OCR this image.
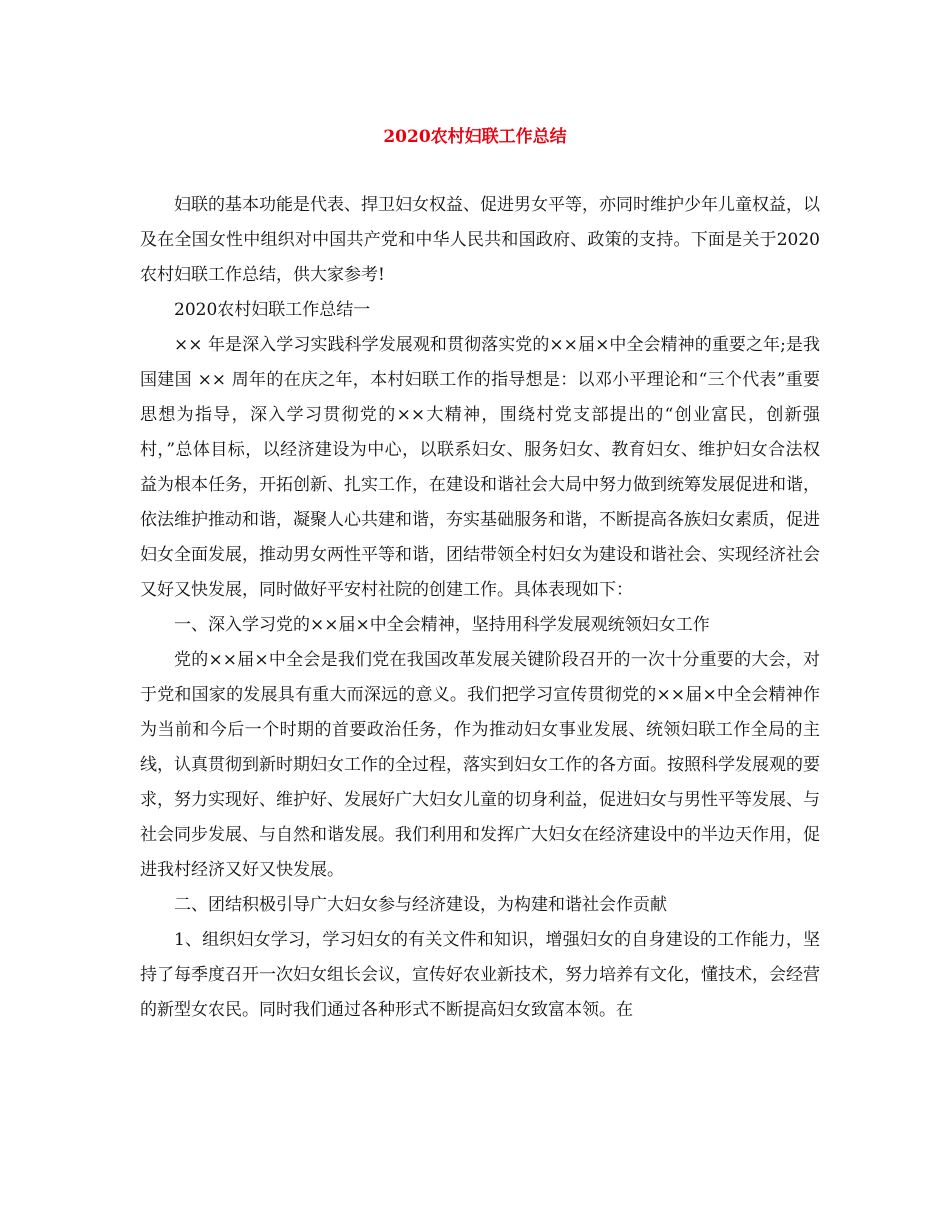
2020农村妇联工作总结

妇联的基本功能是代表、捍卫妇女权益、促进男女平等，亦同时维护少年儿童权益，以及在全国女性中组织对中国共产党和中华人民共和国政府、政策的支持。下面是关于2020农村妇联工作总结，供大家参考!

2020农村妇联工作总结一

×× 年是深入学习实践科学发展观和贯彻落实党的××届×中全会精神的重要之年;是我国建国 ×× 周年的在庆之年，本村妇联工作的指导想是：以邓小平理论和“三个代表”重要思想为指导，深入学习贯彻党的××大精神，围绕村党支部提出的“创业富民，创新强村，”总体目标，以经济建设为中心，以联系妇女、服务妇女、教育妇女、维护妇女合法权益为根本任务，开拓创新、扎实工作，在建设和谐社会大局中努力做到统筹发展促进和谐，依法维护推动和谐，凝聚人心共建和谐，夯实基础服务和谐，不断提高各族妇女素质，促进妇女全面发展，推动男女两性平等和谐，团结带领全村妇女为建设和谐社会、实现经济社会又好又快发展，同时做好平安村社院的创建工作。具体表现如下：

一、深入学习党的××届×中全会精神，坚持用科学发展观统领妇女工作

党的××届×中全会是我们党在我国改革发展关键阶段召开的一次十分重要的大会，对于党和国家的发展具有重大而深远的意义。我们把学习宣传贯彻党的××届×中全会精神作为当前和今后一个时期的首要政治任务，作为推动妇女事业发展、统领妇联工作全局的主线，认真贯彻到新时期妇女工作的全过程，落实到妇女工作的各方面。按照科学发展观的要求，努力实现好、维护好、发展好广大妇女儿童的切身利益，促进妇女与男性平等发展、与社会同步发展、与自然和谐发展。我们利用和发挥广大妇女在经济建设中的半边天作用，促进我村经济又好又快发展。

二、团结积极引导广大妇女参与经济建设，为构建和谐社会作贡献

1、组织妇女学习，学习妇女的有关文件和知识，增强妇女的自身建设的工作能力，坚持了每季度召开一次妇女组长会议，宣传好农业新技术，努力培养有文化，懂技术，会经营的新型女农民。同时我们通过各种形式不断提高妇女致富本领。在
